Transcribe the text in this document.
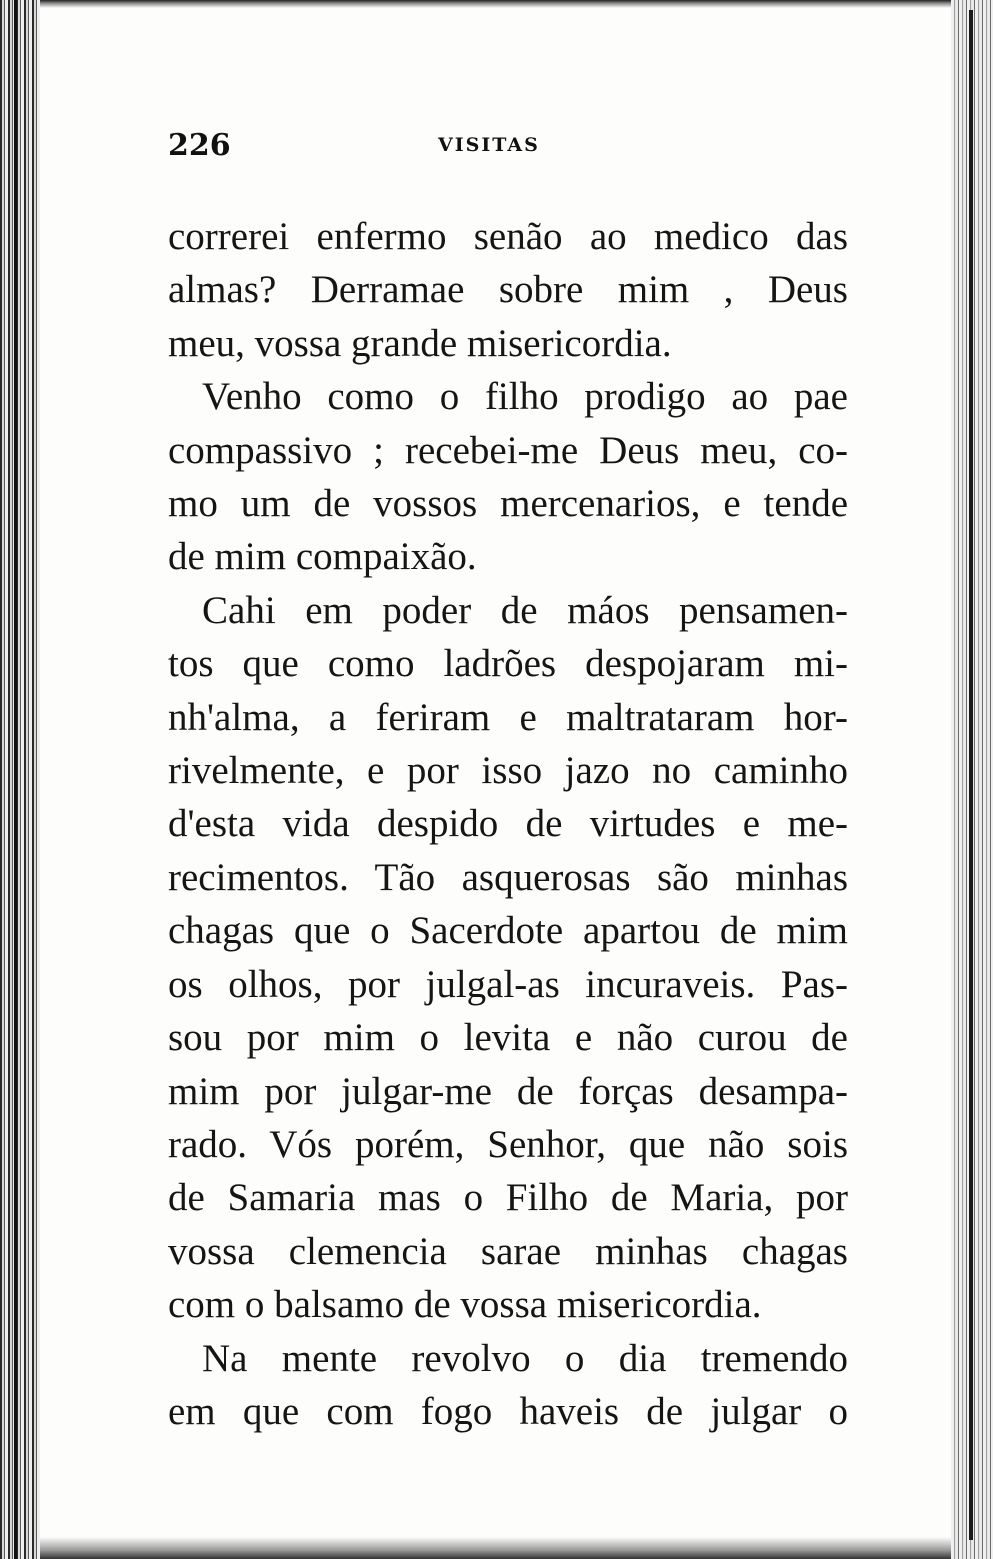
226	VISITAS
correrei enfermo senão ao medico das
almas? Derramae sobre mim , Deus
meu, vossa grande misericordia.
Venho como o filho prodigo ao pae
compassivo ; recebei-me Deus meu, co-
mo um de vossos mercenarios, e tende
de mim compaixão.
Cahi em poder de máos pensamen-
tos que como ladrões despojaram mi-
nh'alma, a feriram e maltrataram hor-
rivelmente, e por isso jazo no caminho
d'esta vida despido de virtudes e me-
recimentos. Tão asquerosas são minhas
chagas que o Sacerdote apartou de mim
os olhos, por julgal-as incuraveis. Pas-
sou por mim o levita e não curou de
mim por julgar-me de forças desampa-
rado. Vós porém, Senhor, que não sois
de Samaria mas o Filho de Maria, por
vossa clemencia sarae minhas chagas
com o balsamo de vossa misericordia.
Na mente revolvo o dia tremendo
em que com fogo haveis de julgar o
